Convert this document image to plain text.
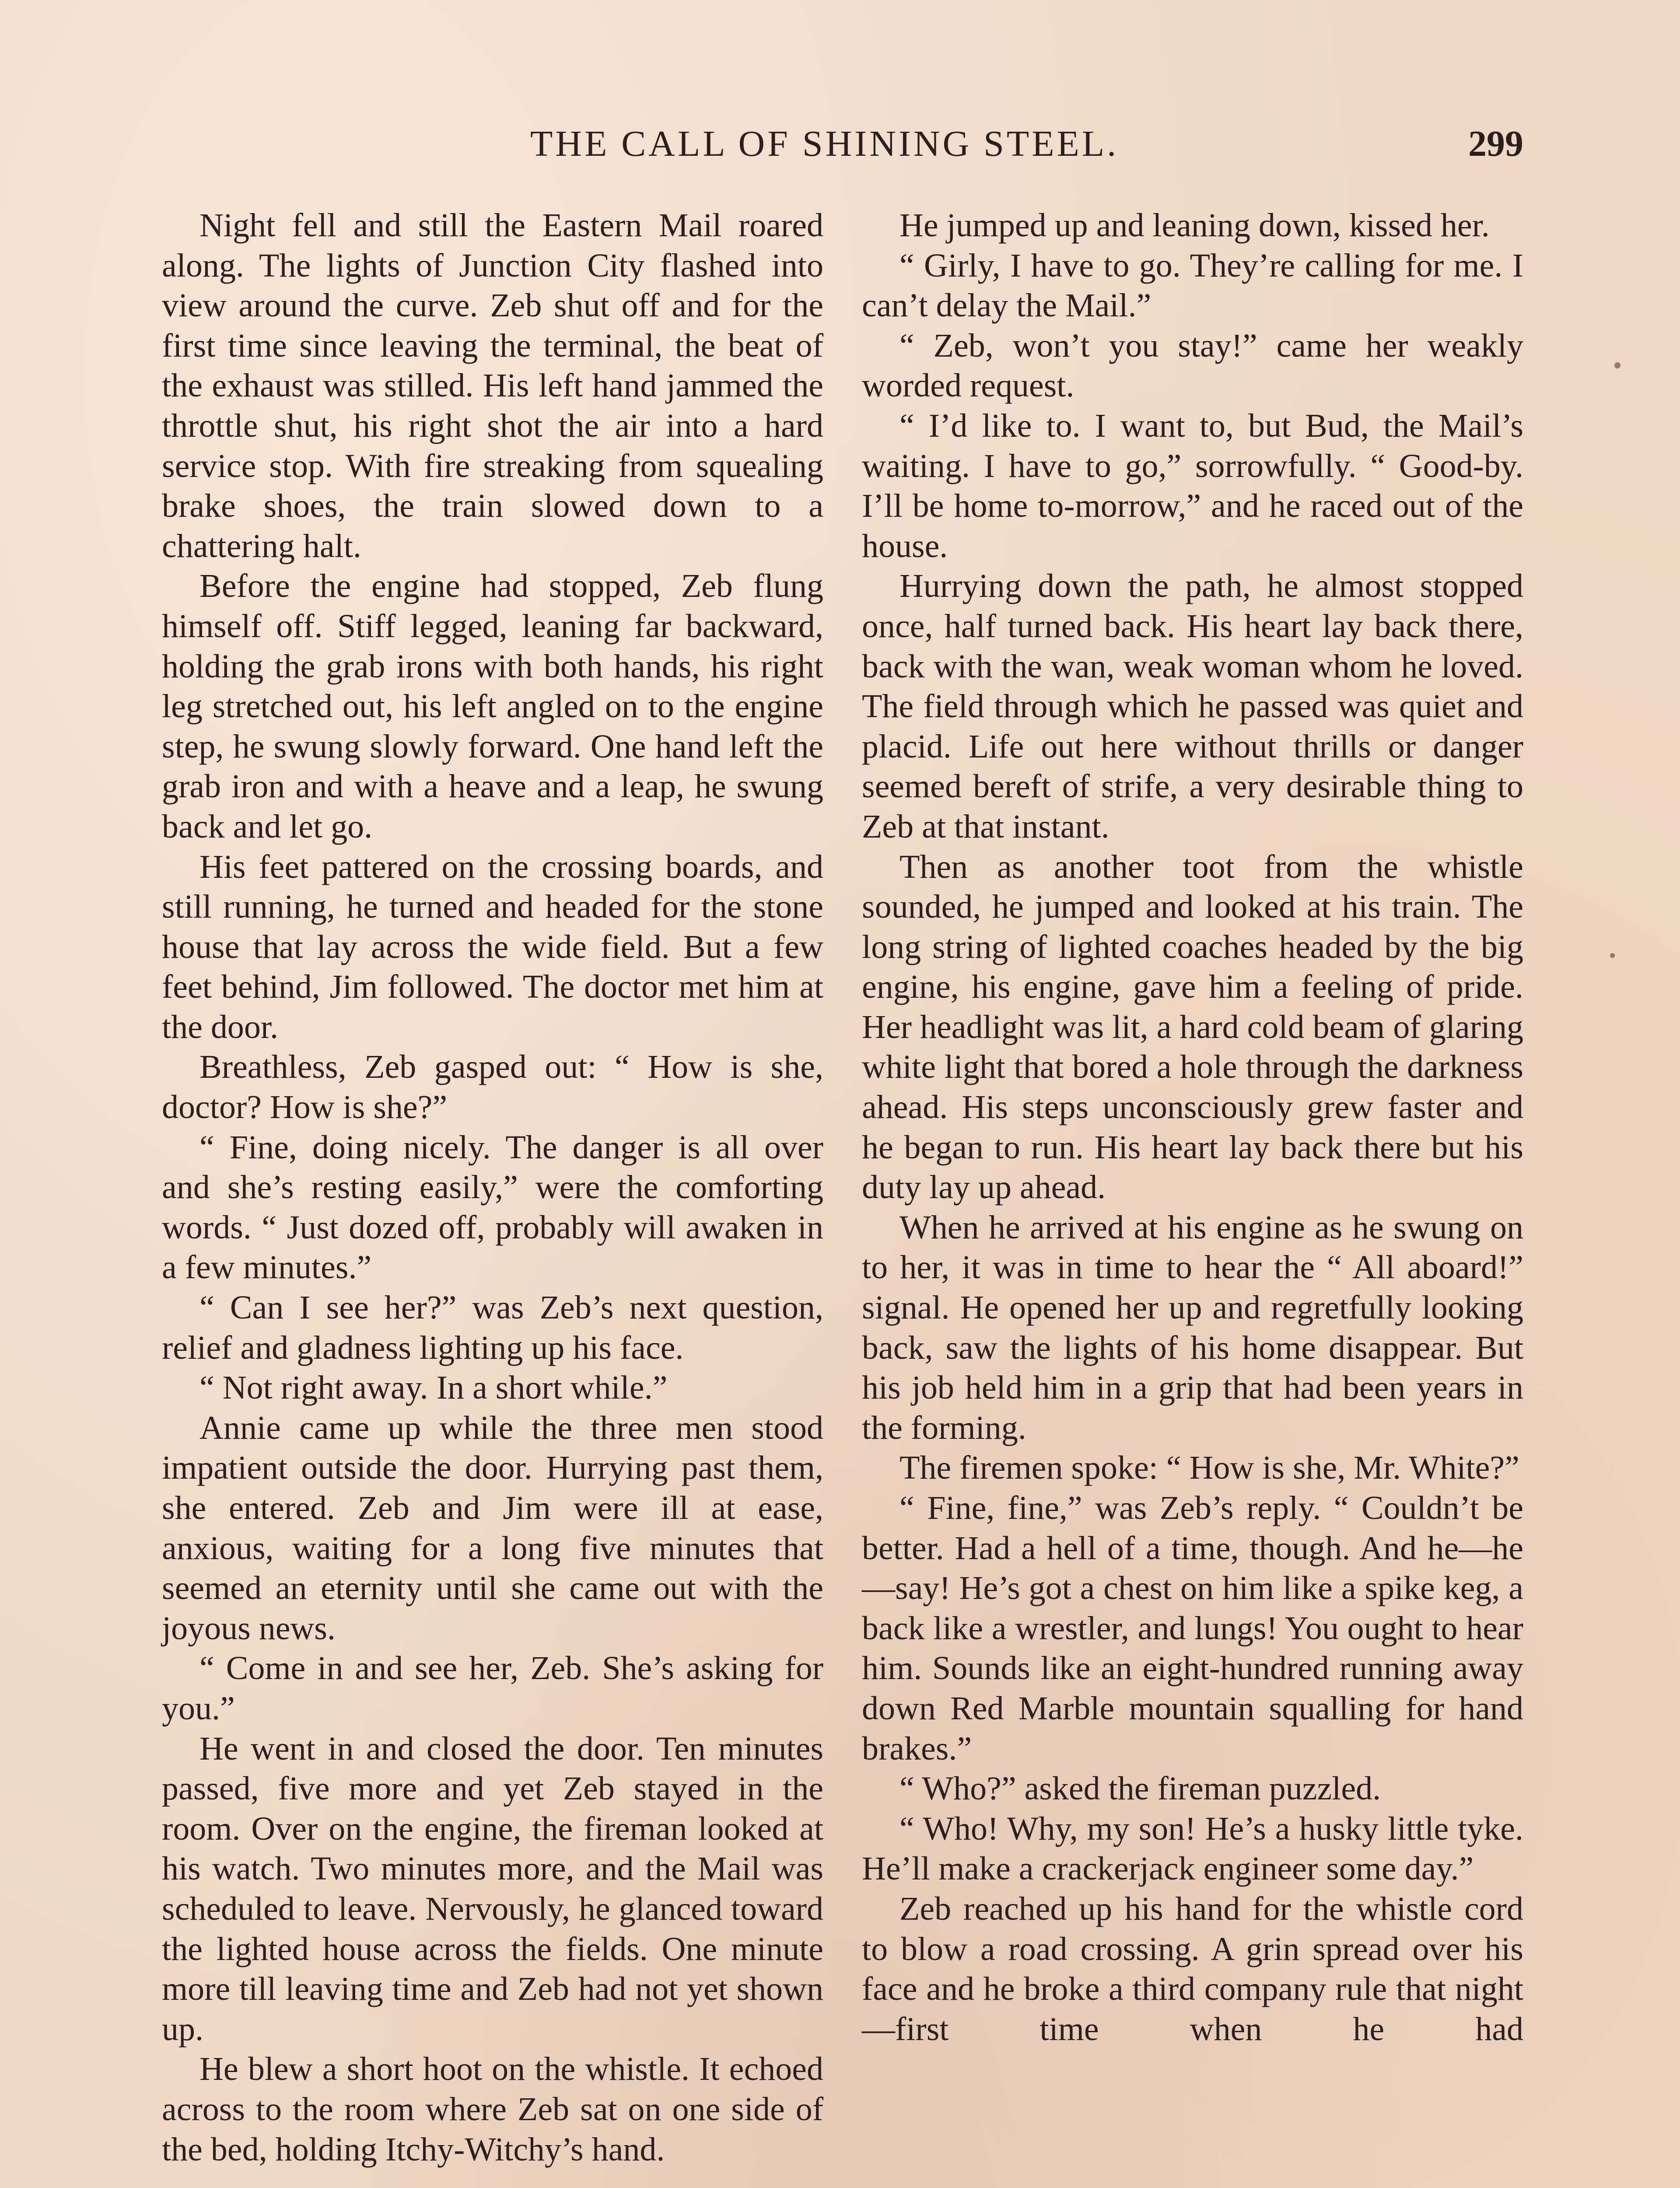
THE CALL OF SHINING STEEL.	299

Night fell and still the Eastern Mail roared along. The lights of Junction City flashed into view around the curve. Zeb shut off and for the first time since leaving the terminal, the beat of the exhaust was stilled. His left hand jammed the throttle shut, his right shot the air into a hard service stop. With fire streaking from squealing brake shoes, the train slowed down to a chattering halt.

Before the engine had stopped, Zeb flung himself off. Stiff legged, leaning far backward, holding the grab irons with both hands, his right leg stretched out, his left angled on to the engine step, he swung slowly forward. One hand left the grab iron and with a heave and a leap, he swung back and let go.

His feet pattered on the crossing boards, and still running, he turned and headed for the stone house that lay across the wide field. But a few feet behind, Jim followed. The doctor met him at the door.

Breathless, Zeb gasped out: “ How is she, doctor? How is she?”

“ Fine, doing nicely. The danger is all over and she’s resting easily,” were the comforting words. “ Just dozed off, probably will awaken in a few minutes.”

“ Can I see her?” was Zeb’s next question, relief and gladness lighting up his face.

“ Not right away. In a short while.”

Annie came up while the three men stood impatient outside the door. Hurrying past them, she entered. Zeb and Jim were ill at ease, anxious, waiting for a long five minutes that seemed an eternity until she came out with the joyous news.

“ Come in and see her, Zeb. She’s asking for you.”

He went in and closed the door. Ten minutes passed, five more and yet Zeb stayed in the room. Over on the engine, the fireman looked at his watch. Two minutes more, and the Mail was scheduled to leave. Nervously, he glanced toward the lighted house across the fields. One minute more till leaving time and Zeb had not yet shown up.

He blew a short hoot on the whistle. It echoed across to the room where Zeb sat on one side of the bed, holding Itchy-Witchy’s hand.

He jumped up and leaning down, kissed her.

“ Girly, I have to go. They’re calling for me. I can’t delay the Mail.”

“ Zeb, won’t you stay!” came her weakly worded request.

“ I’d like to. I want to, but Bud, the Mail’s waiting. I have to go,” sorrowfully. “ Good-by. I’ll be home to-morrow,” and he raced out of the house.

Hurrying down the path, he almost stopped once, half turned back. His heart lay back there, back with the wan, weak woman whom he loved. The field through which he passed was quiet and placid. Life out here without thrills or danger seemed bereft of strife, a very desirable thing to Zeb at that instant.

Then as another toot from the whistle sounded, he jumped and looked at his train. The long string of lighted coaches headed by the big engine, his engine, gave him a feeling of pride. Her headlight was lit, a hard cold beam of glaring white light that bored a hole through the darkness ahead. His steps unconsciously grew faster and he began to run. His heart lay back there but his duty lay up ahead.

When he arrived at his engine as he swung on to her, it was in time to hear the “ All aboard!” signal. He opened her up and regretfully looking back, saw the lights of his home disappear. But his job held him in a grip that had been years in the forming.

The firemen spoke: “ How is she, Mr. White?”

“ Fine, fine,” was Zeb’s reply. “ Couldn’t be better. Had a hell of a time, though. And he—he—say! He’s got a chest on him like a spike keg, a back like a wrestler, and lungs! You ought to hear him. Sounds like an eight-hundred running away down Red Marble mountain squalling for hand brakes.”

“ Who?” asked the fireman puzzled.

“ Who! Why, my son! He’s a husky little tyke. He’ll make a crackerjack engineer some day.”

Zeb reached up his hand for the whistle cord to blow a road crossing. A grin spread over his face and he broke a third company rule that night—first time when he had
